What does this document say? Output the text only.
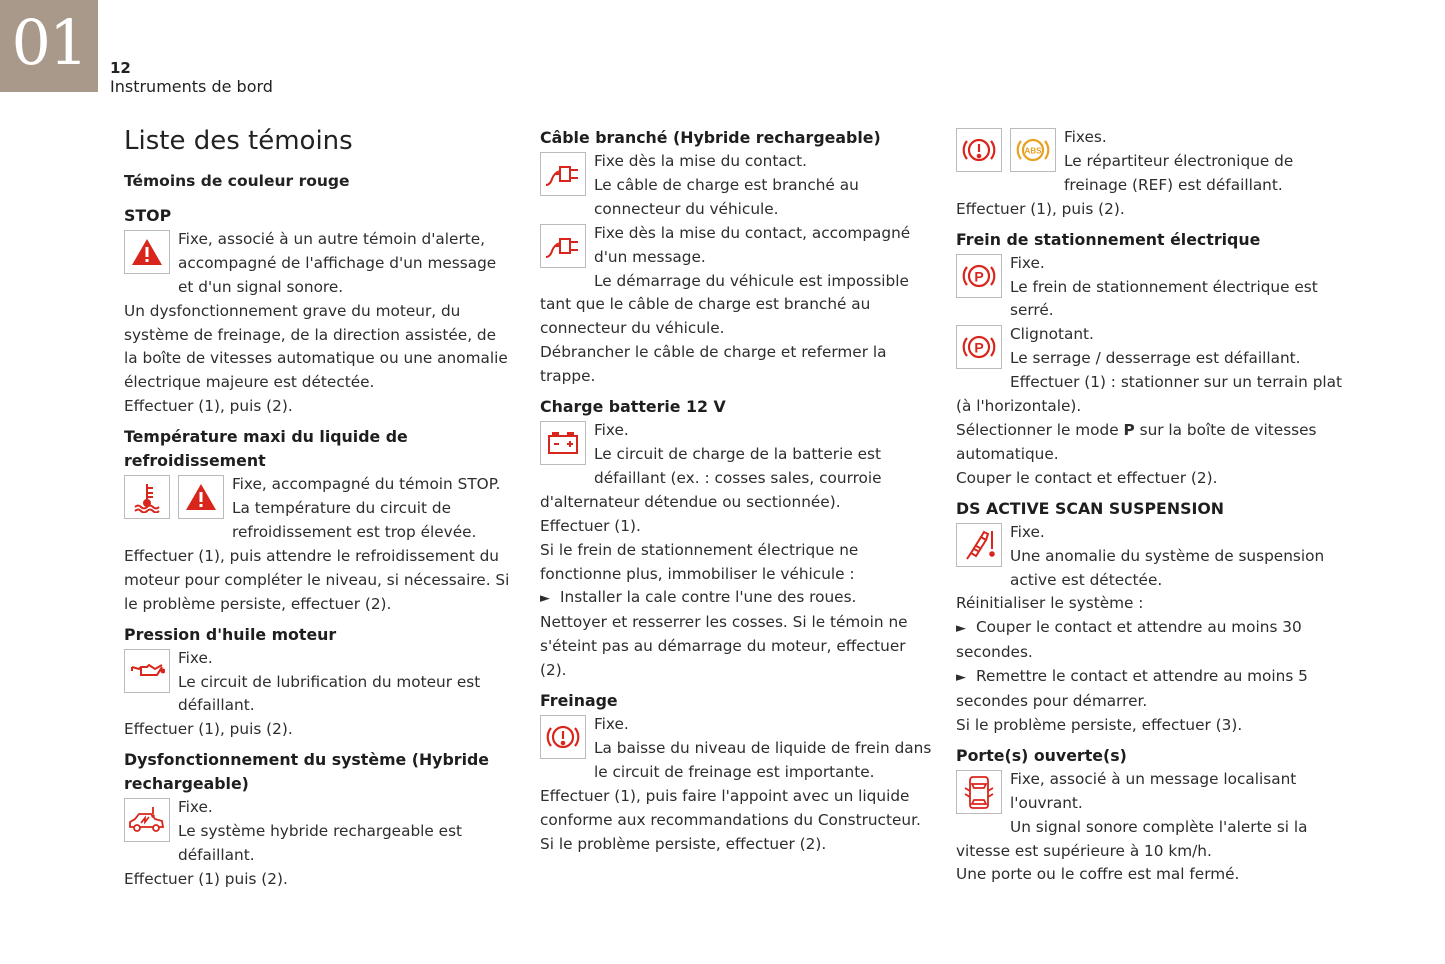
01	12
Instruments de bord
Liste des témoins
Témoins de couleur rouge
STOP

Fixe, associé à un autre témoin d'alerte, accompagné de l'affichage d'un message et d'un signal sonore.

Un dysfonctionnement grave du moteur, du système de freinage, de la direction assistée, de la boîte de vitesses automatique ou une anomalie électrique majeure est détectée.

Effectuer (1), puis (2).

Température maxi du liquide de refroidissement

Fixe, accompagné du témoin STOP. La température du circuit de refroidissement est trop élevée.

Effectuer (1), puis attendre le refroidissement du moteur pour compléter le niveau, si nécessaire. Si le problème persiste, effectuer (2).

Pression d'huile moteur

Fixe.

Le circuit de lubrification du moteur est défaillant.

Effectuer (1), puis (2).

Dysfonctionnement du système (Hybride rechargeable)

Fixe.

Le système hybride rechargeable est défaillant.

Effectuer (1) puis (2).

Câble branché (Hybride rechargeable)

Fixe dès la mise du contact.

Le câble de charge est branché au connecteur du véhicule.

Fixe dès la mise du contact, accompagné d'un message.

Le démarrage du véhicule est impossible tant que le câble de charge est branché au connecteur du véhicule.

Débrancher le câble de charge et refermer la trappe.

Charge batterie 12 V

Fixe.

Le circuit de charge de la batterie est défaillant (ex. : cosses sales, courroie d'alternateur détendue ou sectionnée).

Effectuer (1).

Si le frein de stationnement électrique ne fonctionne plus, immobiliser le véhicule :

► Installer la cale contre l'une des roues.

Nettoyer et resserrer les cosses. Si le témoin ne s'éteint pas au démarrage du moteur, effectuer (2).

Freinage

Fixe.

La baisse du niveau de liquide de frein dans le circuit de freinage est importante.

Effectuer (1), puis faire l'appoint avec un liquide conforme aux recommandations du Constructeur.

Si le problème persiste, effectuer (2).

ABS

Fixes.

Le répartiteur électronique de freinage (REF) est défaillant.

Effectuer (1), puis (2).

Frein de stationnement électrique
P

Fixe.

Le frein de stationnement électrique est serré.

P

Clignotant.

Le serrage / desserrage est défaillant.

Effectuer (1) : stationner sur un terrain plat (à l'horizontale).

Sélectionner le mode P sur la boîte de vitesses automatique.

Couper le contact et effectuer (2).

DS ACTIVE SCAN SUSPENSION

Fixe.

Une anomalie du système de suspension active est détectée.

Réinitialiser le système :

► Couper le contact et attendre au moins 30 secondes.

► Remettre le contact et attendre au moins 5 secondes pour démarrer.

Si le problème persiste, effectuer (3).

Porte(s) ouverte(s)

Fixe, associé à un message localisant l'ouvrant.

Un signal sonore complète l'alerte si la vitesse est supérieure à 10 km/h.

Une porte ou le coffre est mal fermé.
